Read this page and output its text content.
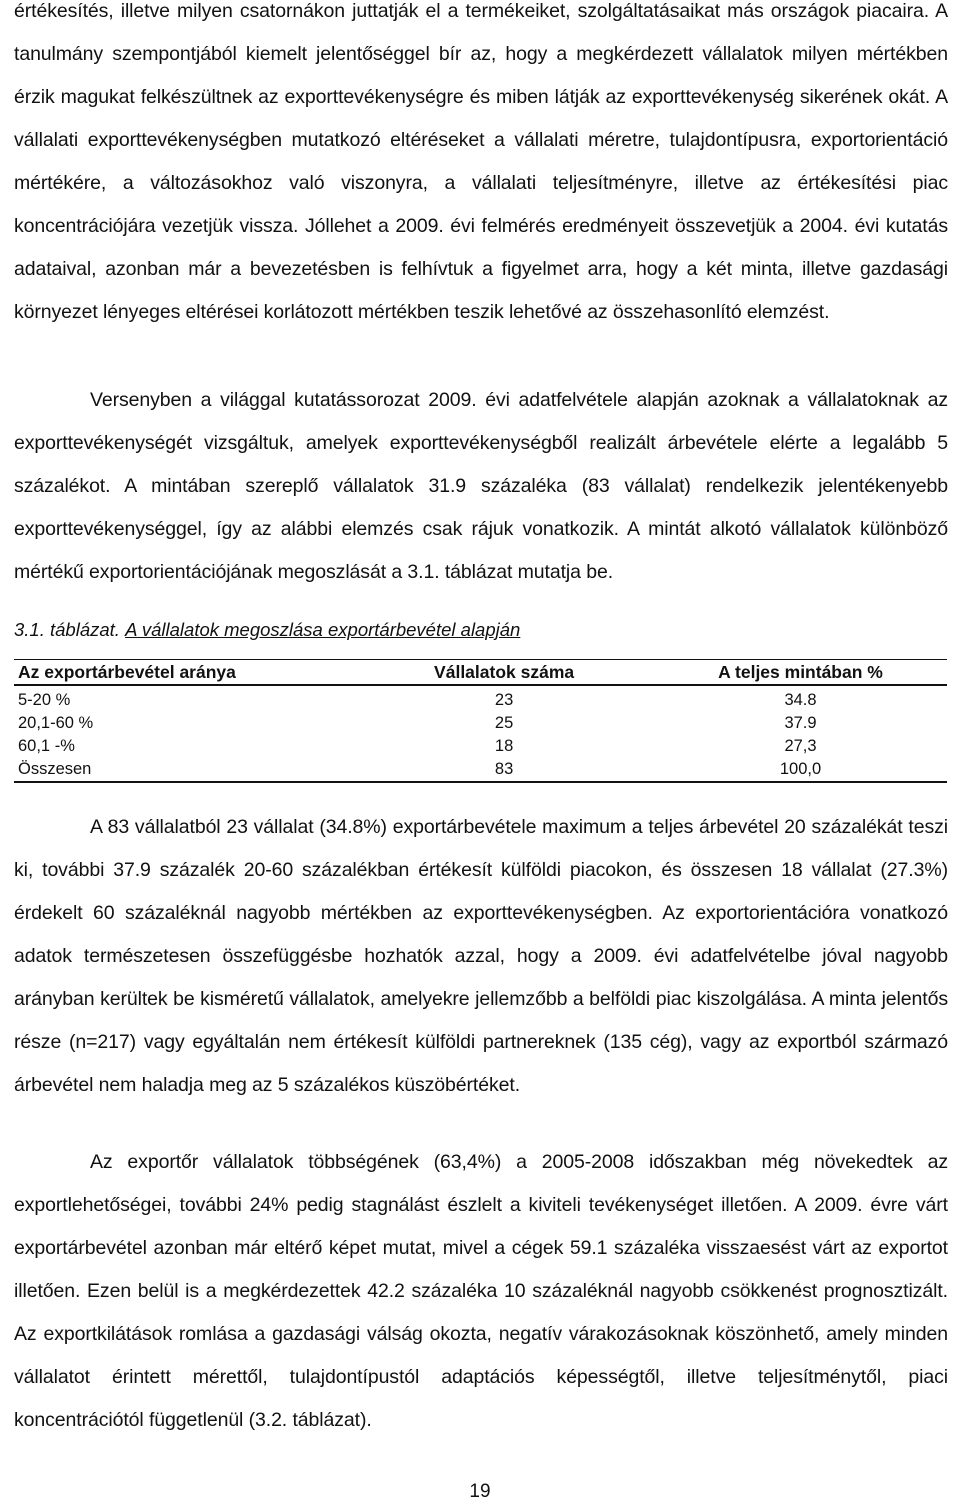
értékesítés, illetve milyen csatornákon juttatják el a termékeiket, szolgáltatásaikat más országok piacaira. A tanulmány szempontjából kiemelt jelentőséggel bír az, hogy a megkérdezett vállalatok milyen mértékben érzik magukat felkészültnek az exporttevékenységre és miben látják az exporttevékenység sikerének okát. A vállalati exporttevékenységben mutatkozó eltéréseket a vállalati méretre, tulajdontípusra, exportorientáció mértékére, a változásokhoz való viszonyra, a vállalati teljesítményre, illetve az értékesítési piac koncentrációjára vezetjük vissza. Jóllehet a 2009. évi felmérés eredményeit összevetjük a 2004. évi kutatás adataival, azonban már a bevezetésben is felhívtuk a figyelmet arra, hogy a két minta, illetve gazdasági környezet lényeges eltérései korlátozott mértékben teszik lehetővé az összehasonlító elemzést.

Versenyben a világgal kutatássorozat 2009. évi adatfelvétele alapján azoknak a vállalatoknak az exporttevékenységét vizsgáltuk, amelyek exporttevékenységből realizált árbevétele elérte a legalább 5 százalékot. A mintában szereplő vállalatok 31.9 százaléka (83 vállalat) rendelkezik jelentékenyebb exporttevékenységgel, így az alábbi elemzés csak rájuk vonatkozik. A mintát alkotó vállalatok különböző mértékű exportorientációjának megoszlását a 3.1. táblázat mutatja be.

3.1. táblázat. A vállalatok megoszlása exportárbevétel alapján

Az exportárbevétel aránya	Vállalatok száma	A teljes mintában %
5-20 %	23	34.8
20,1-60 %	25	37.9
60,1 -%	18	27,3
Összesen	83	100,0

A 83 vállalatból 23 vállalat (34.8%) exportárbevétele maximum a teljes árbevétel 20 százalékát teszi ki, további 37.9 százalék 20-60 százalékban értékesít külföldi piacokon, és összesen 18 vállalat (27.3%) érdekelt 60 százaléknál nagyobb mértékben az exporttevékenységben. Az exportorientációra vonatkozó adatok természetesen összefüggésbe hozhatók azzal, hogy a 2009. évi adatfelvételbe jóval nagyobb arányban kerültek be kisméretű vállalatok, amelyekre jellemzőbb a belföldi piac kiszolgálása. A minta jelentős része (n=217) vagy egyáltalán nem értékesít külföldi partnereknek (135 cég), vagy az exportból származó árbevétel nem haladja meg az 5 százalékos küszöbértéket.

Az exportőr vállalatok többségének (63,4%) a 2005-2008 időszakban még növekedtek az exportlehetőségei, további 24% pedig stagnálást észlelt a kiviteli tevékenységet illetően. A 2009. évre várt exportárbevétel azonban már eltérő képet mutat, mivel a cégek 59.1 százaléka visszaesést várt az exportot illetően. Ezen belül is a megkérdezettek 42.2 százaléka 10 százaléknál nagyobb csökkenést prognosztizált. Az exportkilátások romlása a gazdasági válság okozta, negatív várakozásoknak köszönhető, amely minden vállalatot érintett mérettől, tulajdontípustól adaptációs képességtől, illetve teljesítménytől, piaci koncentrációtól függetlenül (3.2. táblázat).

19
